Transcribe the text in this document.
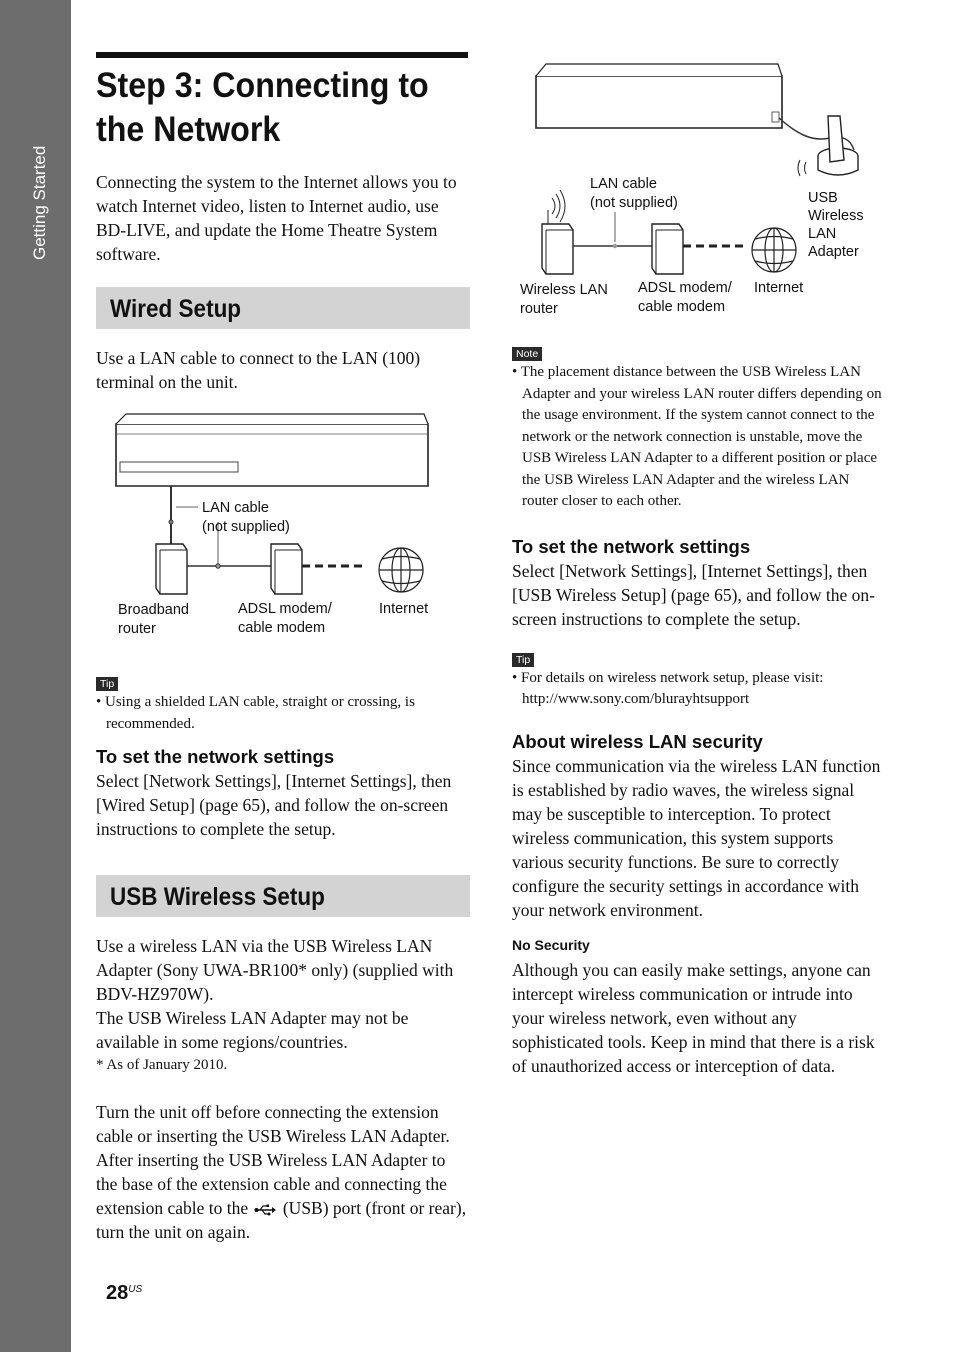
Getting Started
Step 3: Connecting to
the Network

Connecting the system to the Internet allows you to watch Internet video, listen to Internet audio, use BD-LIVE, and update the Home Theatre System software.

Wired Setup

Use a LAN cable to connect to the LAN (100) terminal on the unit.

LAN cable
(not supplied)
Broadband
router
ADSL modem/
cable modem
Internet
Tip

• Using a shielded LAN cable, straight or crossing, is recommended.

To set the network settings

Select [Network Settings], [Internet Settings], then [Wired Setup] (page 65), and follow the on-screen instructions to complete the setup.

USB Wireless Setup

Use a wireless LAN via the USB Wireless LAN Adapter (Sony UWA-BR100* only) (supplied with BDV-HZ970W).

The USB Wireless LAN Adapter may not be available in some regions/countries.

* As of January 2010.

Turn the unit off before connecting the extension cable or inserting the USB Wireless LAN Adapter. After inserting the USB Wireless LAN Adapter to the base of the extension cable and connecting the extension cable to the (USB) port (front or rear), turn the unit on again.

USB
Wireless
LAN
Adapter
LAN cable
(not supplied)
Wireless LAN
router
ADSL modem/
cable modem
Internet
Note

• The placement distance between the USB Wireless LAN Adapter and your wireless LAN router differs depending on the usage environment. If the system cannot connect to the network or the network connection is unstable, move the USB Wireless LAN Adapter to a different position or place the USB Wireless LAN Adapter and the wireless LAN router closer to each other.

To set the network settings

Select [Network Settings], [Internet Settings], then [USB Wireless Setup] (page 65), and follow the on-screen instructions to complete the setup.

Tip

• For details on wireless network setup, please visit:

http://www.sony.com/blurayhtsupport

About wireless LAN security

Since communication via the wireless LAN function is established by radio waves, the wireless signal may be susceptible to interception. To protect wireless communication, this system supports various security functions. Be sure to correctly configure the security settings in accordance with your network environment.

No Security

Although you can easily make settings, anyone can intercept wireless communication or intrude into your wireless network, even without any sophisticated tools. Keep in mind that there is a risk of unauthorized access or interception of data.

$28^{US}$
